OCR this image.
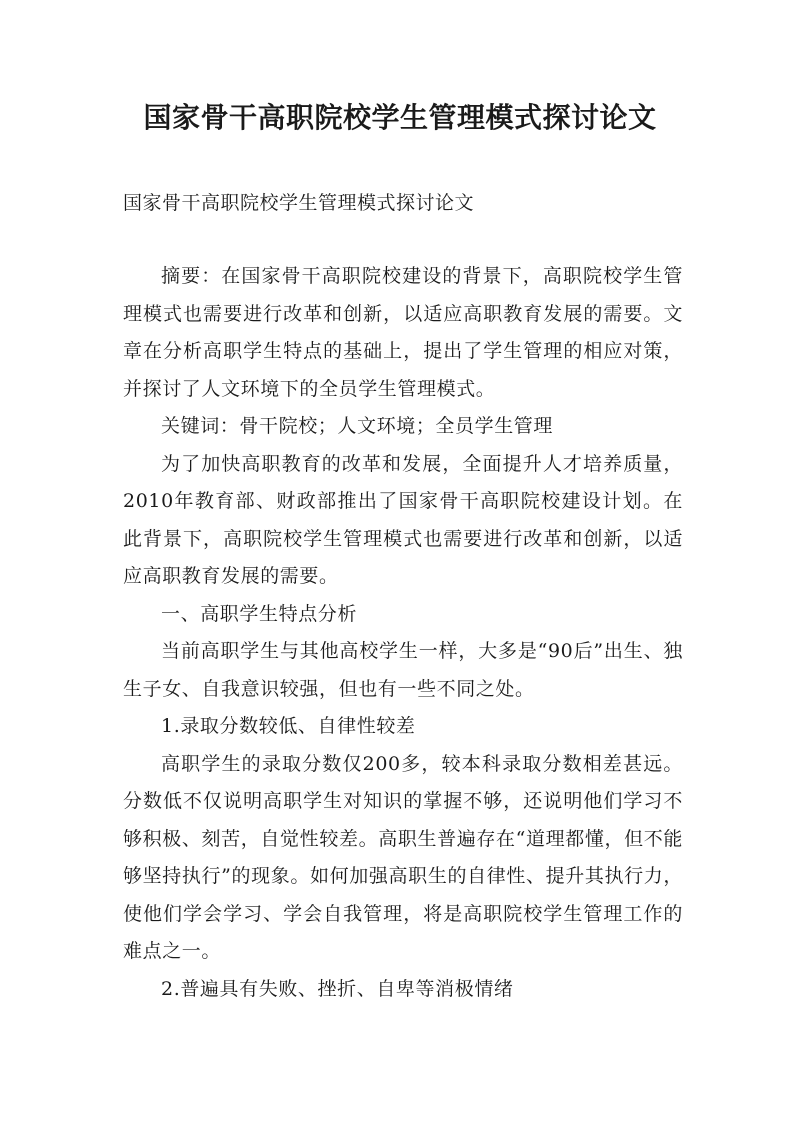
国家骨干高职院校学生管理模式探讨论文

国家骨干高职院校学生管理模式探讨论文

摘要：在国家骨干高职院校建设的背景下，高职院校学生管理模式也需要进行改革和创新，以适应高职教育发展的需要。文章在分析高职学生特点的基础上，提出了学生管理的相应对策，并探讨了人文环境下的全员学生管理模式。

关键词：骨干院校；人文环境；全员学生管理

为了加快高职教育的改革和发展，全面提升人才培养质量，2010年教育部、财政部推出了国家骨干高职院校建设计划。在此背景下，高职院校学生管理模式也需要进行改革和创新，以适应高职教育发展的需要。

一、高职学生特点分析

当前高职学生与其他高校学生一样，大多是“90后”出生、独生子女、自我意识较强，但也有一些不同之处。

1.录取分数较低、自律性较差

高职学生的录取分数仅200多，较本科录取分数相差甚远。分数低不仅说明高职学生对知识的掌握不够，还说明他们学习不够积极、刻苦，自觉性较差。高职生普遍存在“道理都懂，但不能够坚持执行”的现象。如何加强高职生的自律性、提升其执行力，使他们学会学习、学会自我管理，将是高职院校学生管理工作的难点之一。

2.普遍具有失败、挫折、自卑等消极情绪
